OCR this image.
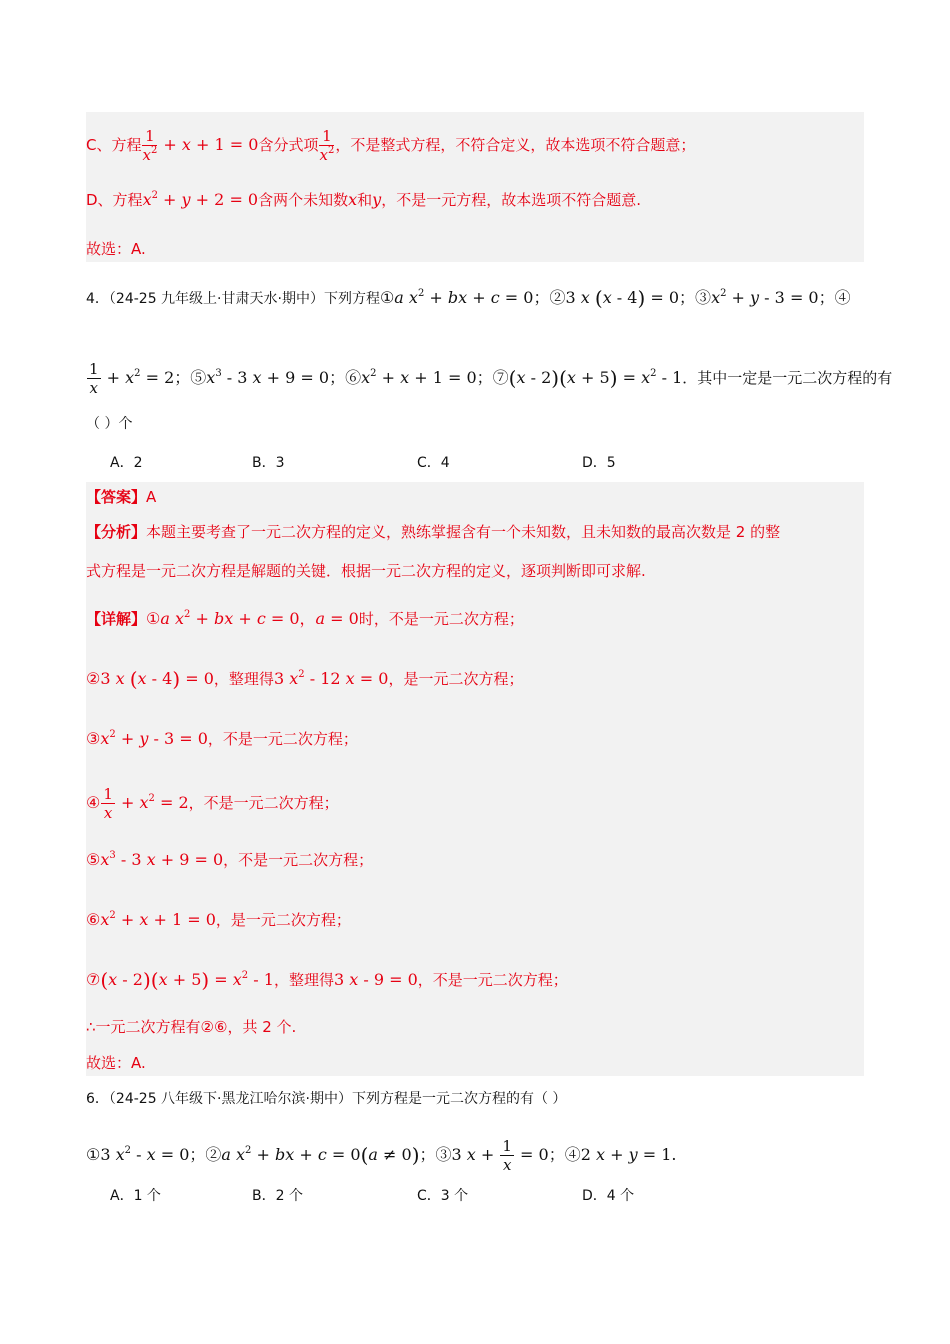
C、方程 $\frac{1}{x^2} + x + 1 = 0$含分式项 $\frac{1}{x^2}$ ，不是整式方程，不符合定义，故本选项不符合题意；
D、方程$x^2 + y + 2 = 0$含两个未知数x和y，不是一元方程，故本选项不符合题意.
故选：A.
4．（24-25 九年级上·甘肃天水·期中）下列方程①a $x^2$ + bx + c = 0；②3 x (x - 4) = 0；$③x^2 + y - 3 = 0$；④
$\frac{1}{x} + x^2 = 2$；$⑤x^3 - 3$ x + 9 = 0；$⑥x^2 + x + 1 = 0$；⑦(x - $2)(x + 5) = x^2 - 1$．其中一定是一元二次方程的有
（ ）个
A．2	B．3	C．4	D．5
【答案】A
【分析】本题主要考查了一元二次方程的定义，熟练掌握含有一个未知数，且未知数的最高次数是 2 的整
式方程是一元二次方程是解题的关键．根据一元二次方程的定义，逐项判断即可求解.
【详解】①a $x^2$ + bx + c = 0，a = 0时，不是一元二次方程；
②3 x (x - 4) = 0，整理得3 $x^2 - 12$ x = 0，是一元二次方程；
$③x^2 + y - 3 = 0$，不是一元二次方程；
④ $\frac{1}{x} + x^2 = 2$，不是一元二次方程；
$⑤x^3 - 3$ x + 9 = 0，不是一元二次方程；
$⑥x^2 + x + 1 = 0$，是一元二次方程；
⑦(x - $2)(x + 5) = x^2 - 1$，整理得3 x - 9 = 0，不是一元二次方程；
∴一元二次方程有②⑥，共 2 个.
故选：A.
6．（24-25 八年级下·黑龙江哈尔滨·期中）下列方程是一元二次方程的有（ ）
①3 $x^2 - x = 0$；②a $x^2$ + bx + c = 0(a ≠ 0)；③3 $x + \frac{1}{x} = 0$；④2 x + y = 1.
A．1 个	B．2 个	C．3 个	D．4 个
